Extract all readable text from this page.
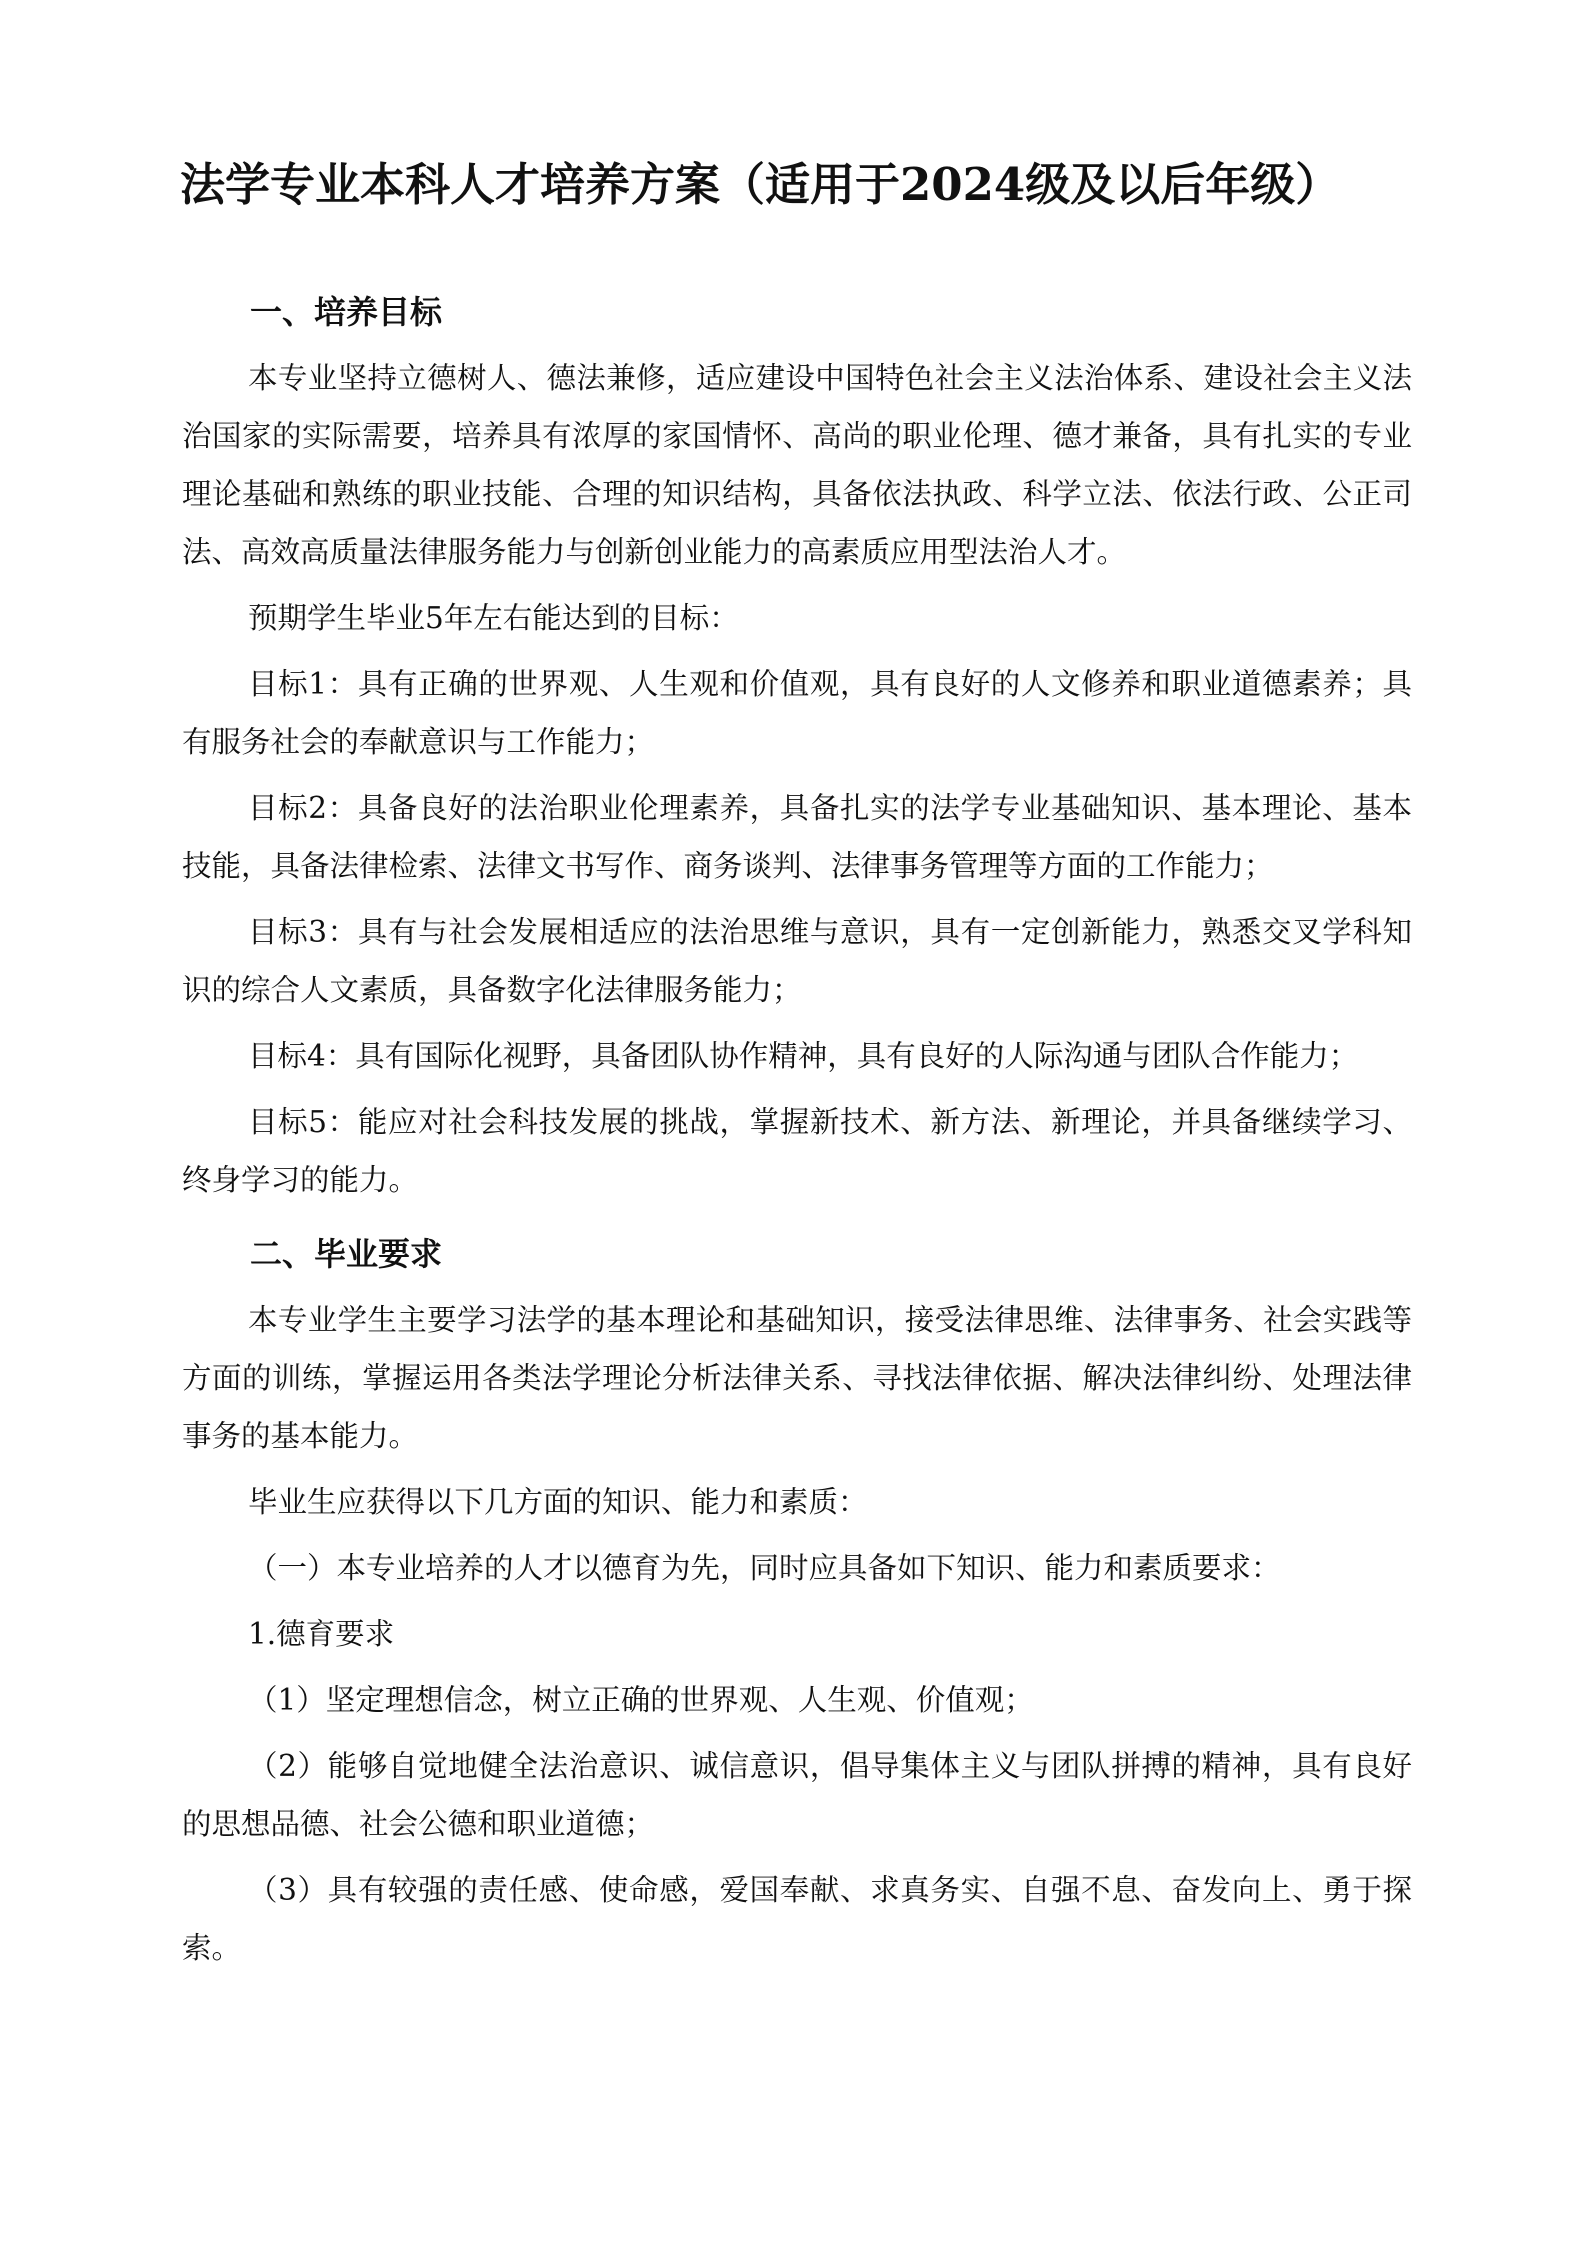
法学专业本科人才培养方案（适用于2024级及以后年级）
一、培养目标

本专业坚持立德树人、德法兼修，适应建设中国特色社会主义法治体系、建设社会主义法治国家的实际需要，培养具有浓厚的家国情怀、高尚的职业伦理、德才兼备，具有扎实的专业理论基础和熟练的职业技能、合理的知识结构，具备依法执政、科学立法、依法行政、公正司法、高效高质量法律服务能力与创新创业能力的高素质应用型法治人才。

预期学生毕业5年左右能达到的目标：

目标1：具有正确的世界观、人生观和价值观，具有良好的人文修养和职业道德素养；具有服务社会的奉献意识与工作能力；

目标2：具备良好的法治职业伦理素养，具备扎实的法学专业基础知识、基本理论、基本技能，具备法律检索、法律文书写作、商务谈判、法律事务管理等方面的工作能力；

目标3：具有与社会发展相适应的法治思维与意识，具有一定创新能力，熟悉交叉学科知识的综合人文素质，具备数字化法律服务能力；

目标4：具有国际化视野，具备团队协作精神，具有良好的人际沟通与团队合作能力；

目标5：能应对社会科技发展的挑战，掌握新技术、新方法、新理论，并具备继续学习、终身学习的能力。

二、毕业要求

本专业学生主要学习法学的基本理论和基础知识，接受法律思维、法律事务、社会实践等方面的训练，掌握运用各类法学理论分析法律关系、寻找法律依据、解决法律纠纷、处理法律事务的基本能力。

毕业生应获得以下几方面的知识、能力和素质：

（一）本专业培养的人才以德育为先，同时应具备如下知识、能力和素质要求：

1.德育要求

（1）坚定理想信念，树立正确的世界观、人生观、价值观；

（2）能够自觉地健全法治意识、诚信意识，倡导集体主义与团队拼搏的精神，具有良好的思想品德、社会公德和职业道德；

（3）具有较强的责任感、使命感，爱国奉献、求真务实、自强不息、奋发向上、勇于探索。
